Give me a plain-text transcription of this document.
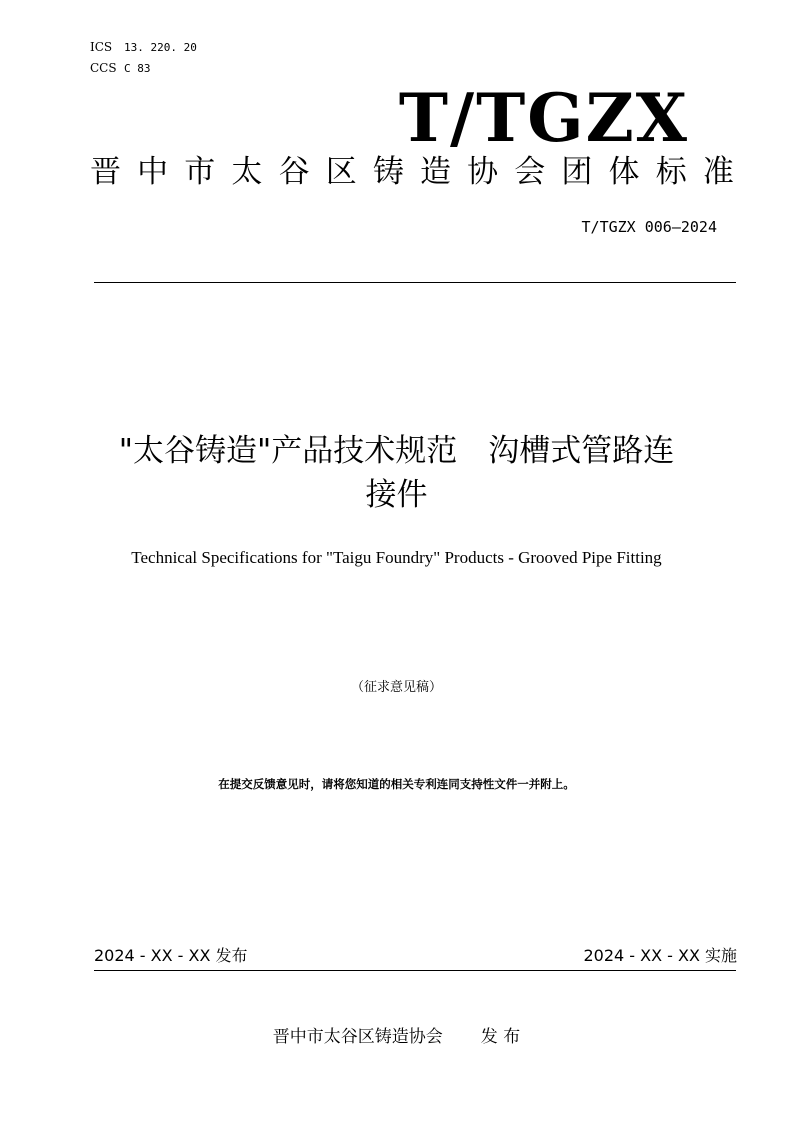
ICS 13. 220. 20
CCS C 83
T/TGZX
晋 中 市 太 谷 区 铸 造 协 会 团 体 标 准
T/TGZX 006—2024
"太谷铸造"产品技术规范　沟槽式管路连
接件
Technical Specifications for "Taigu Foundry" Products - Grooved Pipe Fitting
（征求意见稿）
在提交反馈意见时，请将您知道的相关专利连同支持性文件一并附上。
2024 - XX - XX 发布	2024 - XX - XX 实施
晋中市太谷区铸造协会 发 布
